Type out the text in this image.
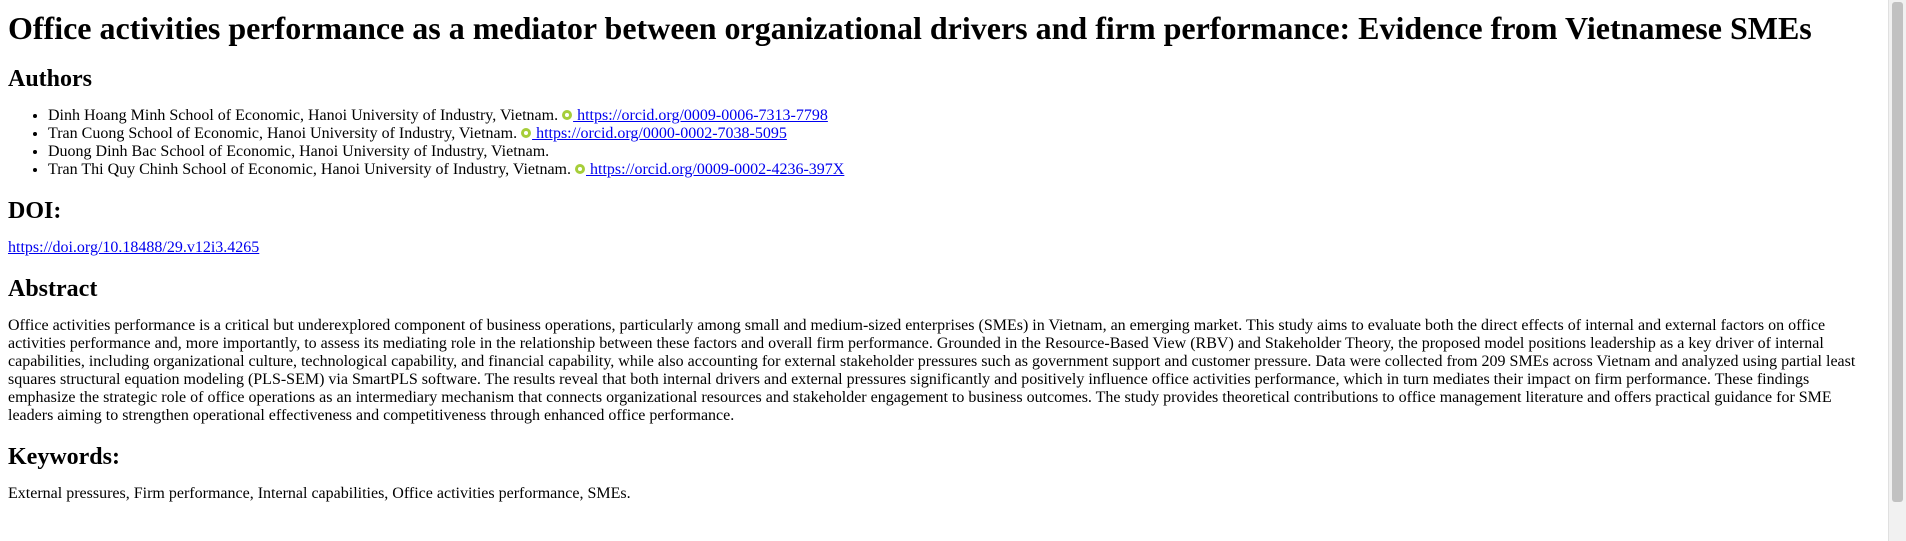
Office activities performance as a mediator between organizational drivers and firm performance: Evidence from Vietnamese SMEs
Authors
• Dinh Hoang Minh School of Economic, Hanoi University of Industry, Vietnam.  https://orcid.org/0009-0006-7313-7798
• Tran Cuong School of Economic, Hanoi University of Industry, Vietnam.  https://orcid.org/0000-0002-7038-5095
• Duong Dinh Bac School of Economic, Hanoi University of Industry, Vietnam.
• Tran Thi Quy Chinh School of Economic, Hanoi University of Industry, Vietnam.  https://orcid.org/0009-0002-4236-397X
DOI:

https://doi.org/10.18488/29.v12i3.4265

Abstract

Office activities performance is a critical but underexplored component of business operations, particularly among small and medium-sized enterprises (SMEs) in Vietnam, an emerging market. This study aims to evaluate both the direct effects of internal and external factors on office activities performance and, more importantly, to assess its mediating role in the relationship between these factors and overall firm performance. Grounded in the Resource-Based View (RBV) and Stakeholder Theory, the proposed model positions leadership as a key driver of internal capabilities, including organizational culture, technological capability, and financial capability, while also accounting for external stakeholder pressures such as government support and customer pressure. Data were collected from 209 SMEs across Vietnam and analyzed using partial least squares structural equation modeling (PLS-SEM) via SmartPLS software. The results reveal that both internal drivers and external pressures significantly and positively influence office activities performance, which in turn mediates their impact on firm performance. These findings emphasize the strategic role of office operations as an intermediary mechanism that connects organizational resources and stakeholder engagement to business outcomes. The study provides theoretical contributions to office management literature and offers practical guidance for SME leaders aiming to strengthen operational effectiveness and competitiveness through enhanced office performance.

Keywords:

External pressures, Firm performance, Internal capabilities, Office activities performance, SMEs.
